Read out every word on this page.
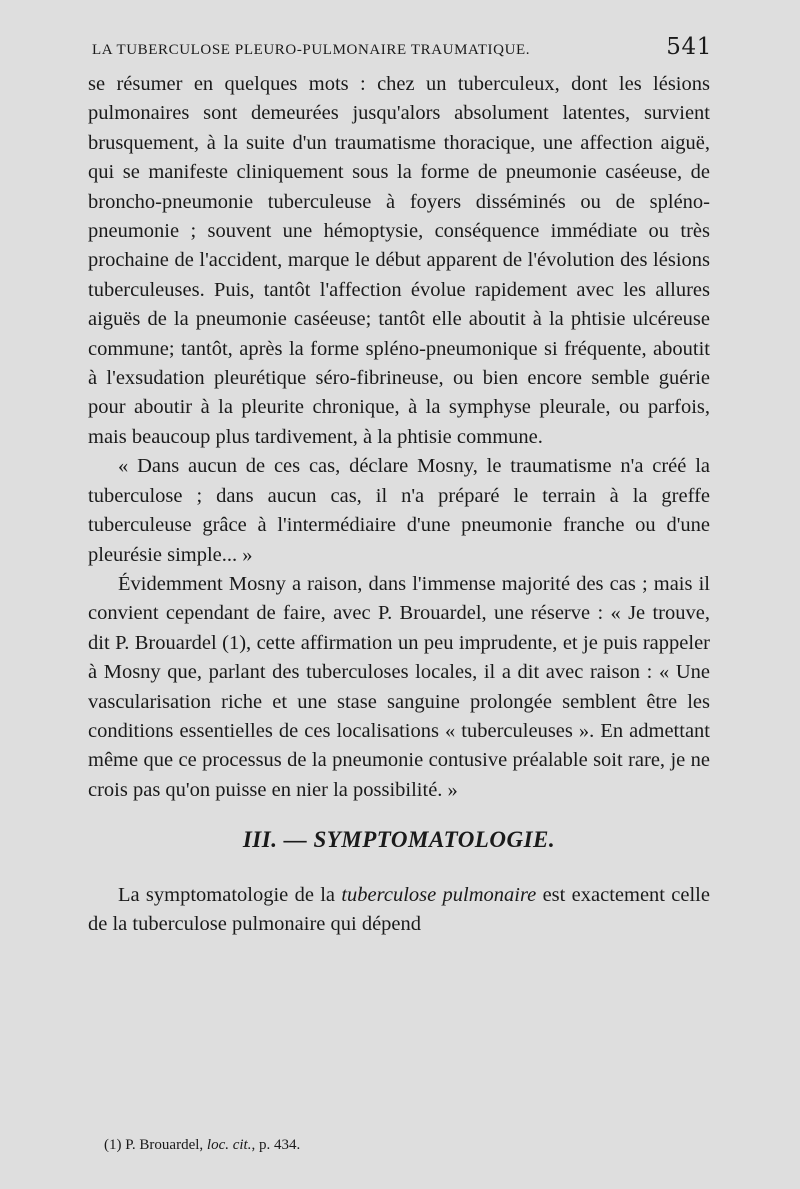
LA TUBERCULOSE PLEURO-PULMONAIRE TRAUMATIQUE.	541

se résumer en quelques mots : chez un tuberculeux, dont les lésions pulmonaires sont demeurées jusqu'alors absolument latentes, survient brusquement, à la suite d'un traumatisme thoracique, une affection aiguë, qui se manifeste cliniquement sous la forme de pneumonie caséeuse, de broncho-pneumonie tuberculeuse à foyers disséminés ou de spléno-pneumonie ; souvent une hémoptysie, conséquence immédiate ou très prochaine de l'accident, marque le début apparent de l'évolution des lésions tuberculeuses. Puis, tantôt l'affection évolue rapidement avec les allures aiguës de la pneumonie caséeuse; tantôt elle aboutit à la phtisie ulcéreuse commune; tantôt, après la forme spléno-pneumonique si fréquente, aboutit à l'exsudation pleurétique séro-fibrineuse, ou bien encore semble guérie pour aboutir à la pleurite chronique, à la symphyse pleurale, ou parfois, mais beaucoup plus tardivement, à la phtisie commune.

« Dans aucun de ces cas, déclare Mosny, le traumatisme n'a créé la tuberculose ; dans aucun cas, il n'a préparé le terrain à la greffe tuberculeuse grâce à l'intermédiaire d'une pneumonie franche ou d'une pleurésie simple... »

Évidemment Mosny a raison, dans l'immense majorité des cas ; mais il convient cependant de faire, avec P. Brouardel, une réserve : « Je trouve, dit P. Brouardel (1), cette affirmation un peu imprudente, et je puis rappeler à Mosny que, parlant des tuberculoses locales, il a dit avec raison : « Une vascularisation riche et une stase sanguine prolongée semblent être les conditions essentielles de ces localisations « tuberculeuses ». En admettant même que ce processus de la pneumonie contusive préalable soit rare, je ne crois pas qu'on puisse en nier la possibilité. »

III. — SYMPTOMATOLOGIE.

La symptomatologie de la tuberculose pulmonaire est exactement celle de la tuberculose pulmonaire qui dépend

(1) P. Brouardel, loc. cit., p. 434.
